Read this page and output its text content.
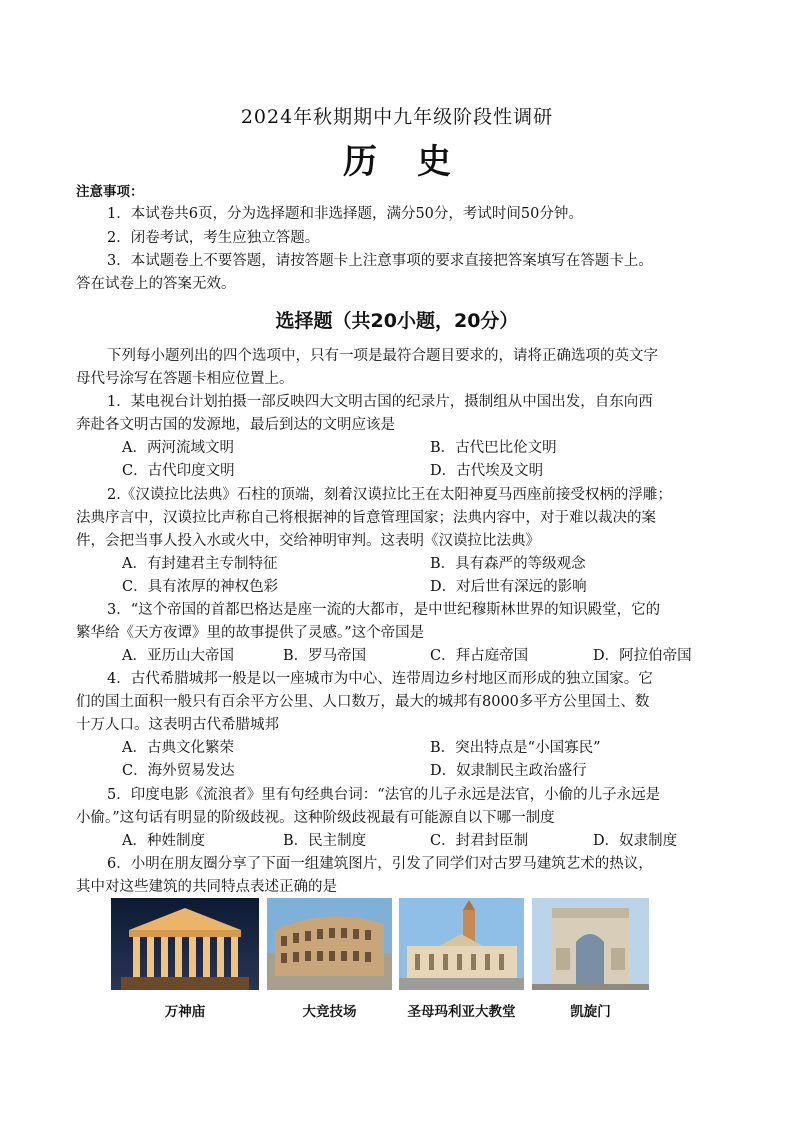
2024年秋期期中九年级阶段性调研
历史
注意事项：
1．本试卷共6页，分为选择题和非选择题，满分50分，考试时间50分钟。
2．闭卷考试，考生应独立答题。
3．本试题卷上不要答题，请按答题卡上注意事项的要求直接把答案填写在答题卡上。
答在试卷上的答案无效。
选择题（共20小题，20分）
下列每小题列出的四个选项中，只有一项是最符合题目要求的，请将正确选项的英文字
母代号涂写在答题卡相应位置上。
1．某电视台计划拍摄一部反映四大文明古国的纪录片，摄制组从中国出发，自东向西
奔赴各文明古国的发源地，最后到达的文明应该是
A．两河流域文明	B．古代巴比伦文明
C．古代印度文明	D．古代埃及文明
2.《汉谟拉比法典》石柱的顶端，刻着汉谟拉比王在太阳神夏马西座前接受权柄的浮雕；
法典序言中，汉谟拉比声称自己将根据神的旨意管理国家；法典内容中，对于难以裁决的案
件，会把当事人投入水或火中，交给神明审判。这表明《汉谟拉比法典》
A．有封建君主专制特征	B．具有森严的等级观念
C．具有浓厚的神权色彩	D．对后世有深远的影响
3．“这个帝国的首都巴格达是座一流的大都市，是中世纪穆斯林世界的知识殿堂，它的
繁华给《天方夜谭》里的故事提供了灵感。”这个帝国是
A．亚历山大帝国	B．罗马帝国	C．拜占庭帝国	D．阿拉伯帝国
4．古代希腊城邦一般是以一座城市为中心、连带周边乡村地区而形成的独立国家。它
们的国土面积一般只有百余平方公里、人口数万，最大的城邦有8000多平方公里国土、数
十万人口。这表明古代希腊城邦
A．古典文化繁荣	B．突出特点是“小国寡民”
C．海外贸易发达	D．奴隶制民主政治盛行
5．印度电影《流浪者》里有句经典台词：“法官的儿子永远是法官，小偷的儿子永远是
小偷。”这句话有明显的阶级歧视。这种阶级歧视最有可能源自以下哪一制度
A．种姓制度	B．民主制度	C．封君封臣制	D．奴隶制度
6．小明在朋友圈分享了下面一组建筑图片，引发了同学们对古罗马建筑艺术的热议，
其中对这些建筑的共同特点表述正确的是
万神庙	大竞技场	圣母玛利亚大教堂	凯旋门
